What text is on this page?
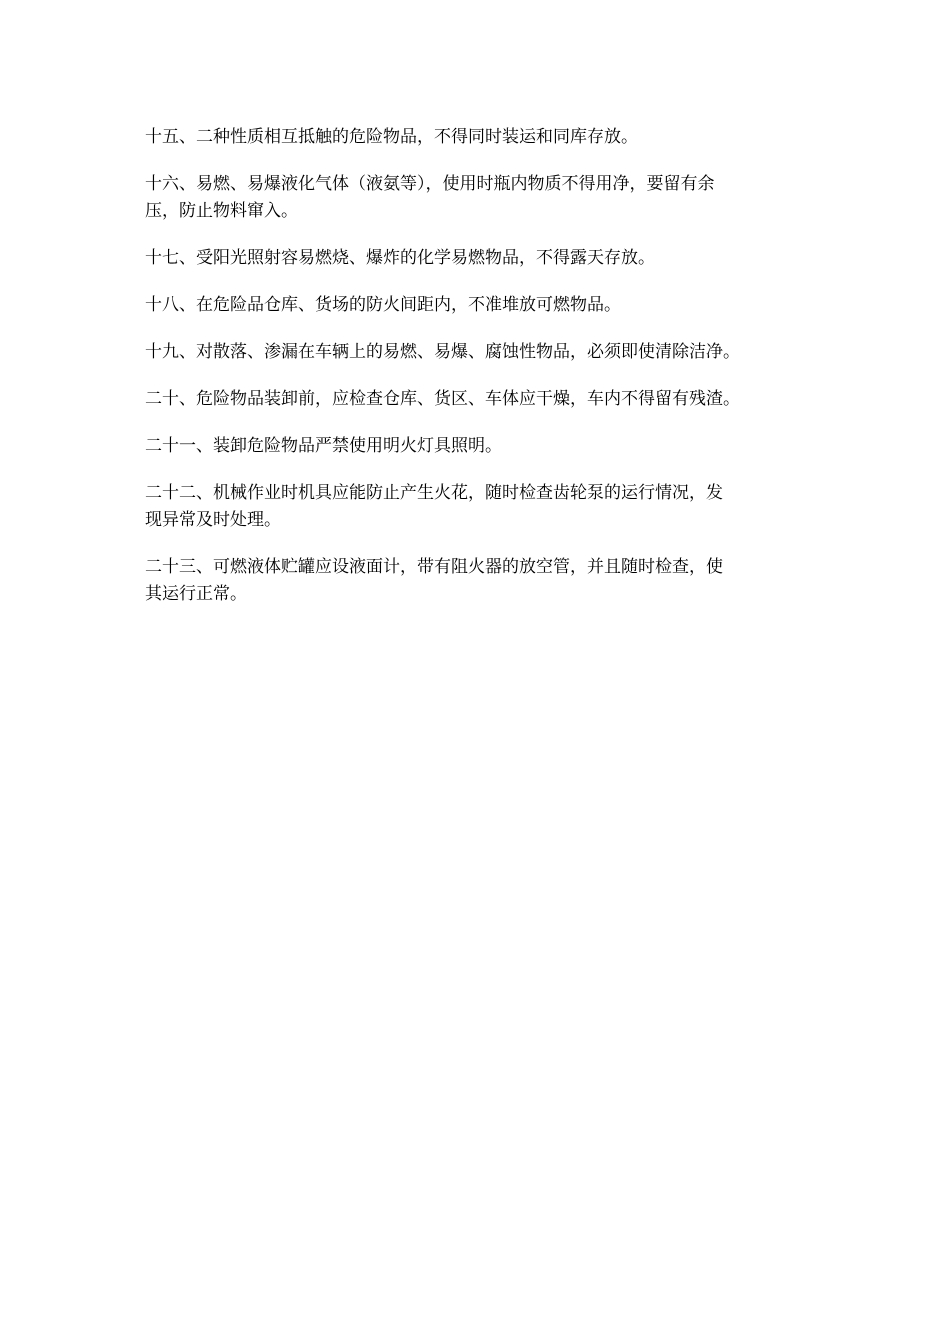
十五、二种性质相互抵触的危险物品，不得同时装运和同库存放。

十六、易燃、易爆液化气体（液氨等），使用时瓶内物质不得用净，要留有余
压，防止物料窜入。

十七、受阳光照射容易燃烧、爆炸的化学易燃物品，不得露天存放。

十八、在危险品仓库、货场的防火间距内，不准堆放可燃物品。

十九、对散落、渗漏在车辆上的易燃、易爆、腐蚀性物品，必须即使清除洁净。

二十、危险物品装卸前，应检查仓库、货区、车体应干燥，车内不得留有残渣。

二十一、装卸危险物品严禁使用明火灯具照明。

二十二、机械作业时机具应能防止产生火花，随时检查齿轮泵的运行情况，发
现异常及时处理。

二十三、可燃液体贮罐应设液面计，带有阻火器的放空管，并且随时检查，使
其运行正常。
